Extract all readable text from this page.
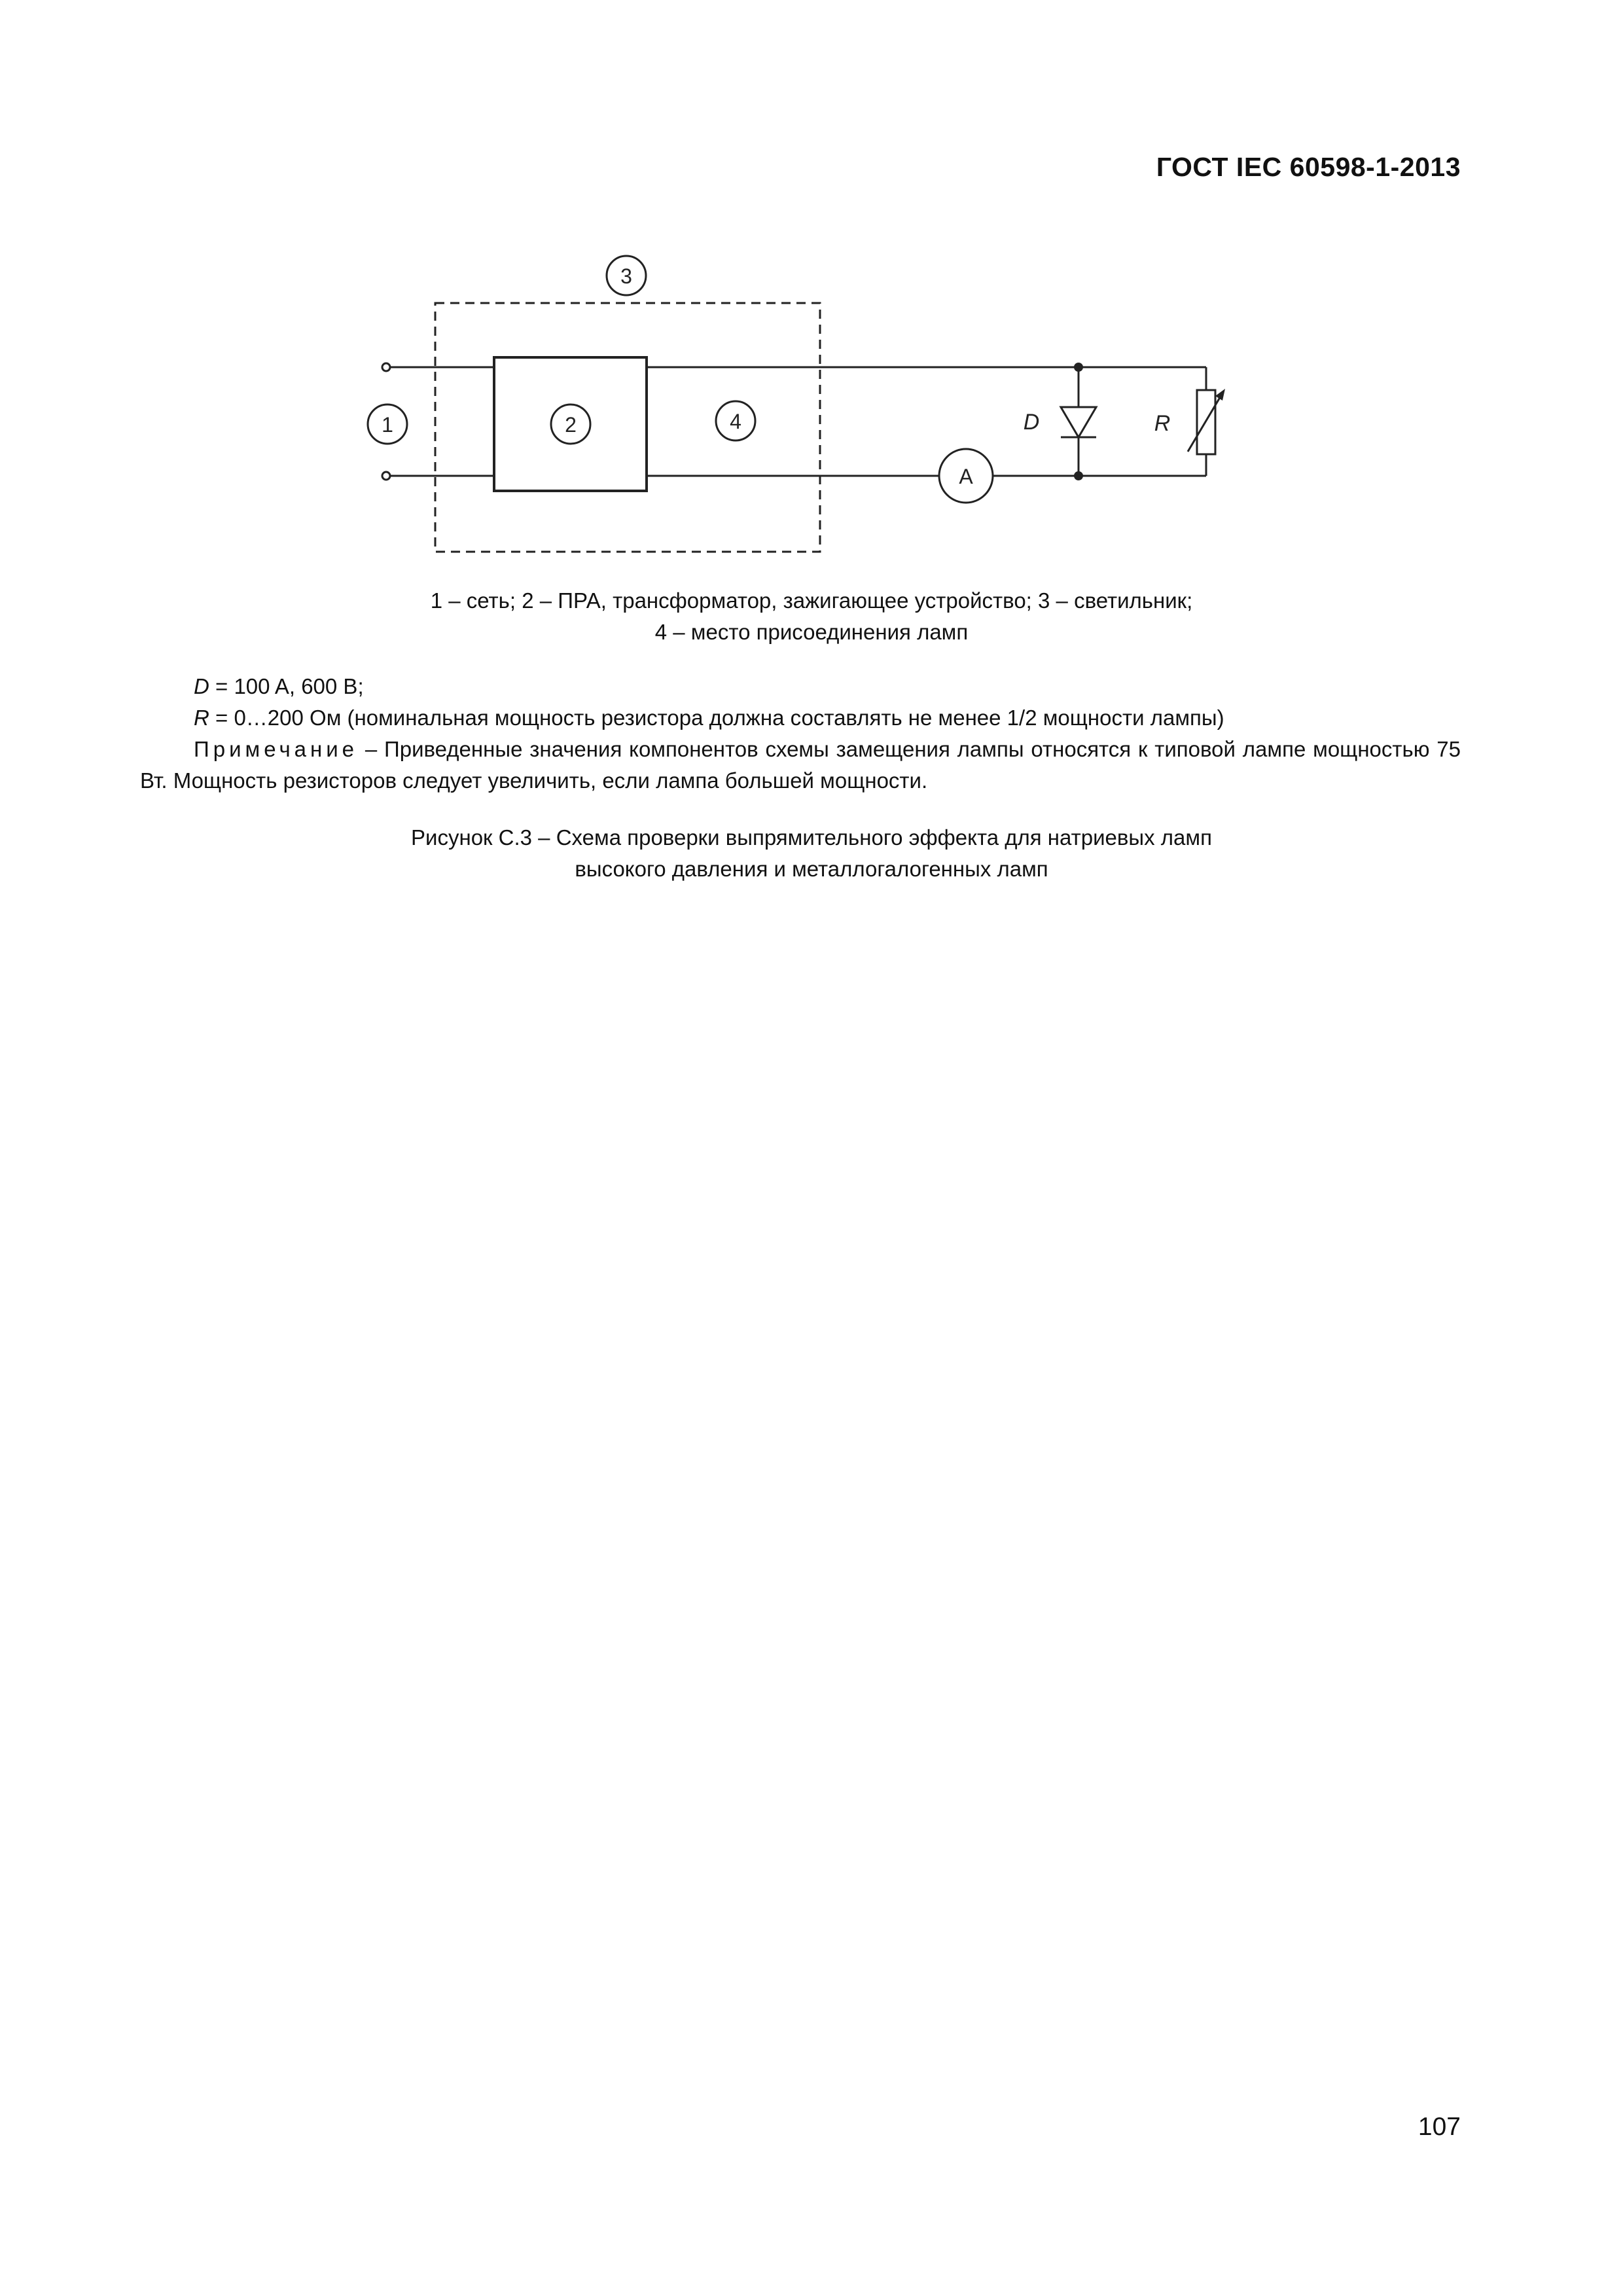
ГОСТ IEC 60598-1-2013
1	2
3
4
A
D	R
1 – сеть; 2 – ПРА, трансформатор, зажигающее устройство; 3 – светильник;
4 – место присоединения ламп
D = 100 A, 600 B;
R = 0…200 Ом (номинальная мощность резистора должна составлять не менее 1/2 мощности лампы)
Примечание – Приведенные значения компонентов схемы замещения лампы относятся к типовой лампе мощностью 75 Вт. Мощность резисторов следует увеличить, если лампа большей мощности.
Рисунок С.3 – Схема проверки выпрямительного эффекта для натриевых ламп
высокого давления и металлогалогенных ламп
107
